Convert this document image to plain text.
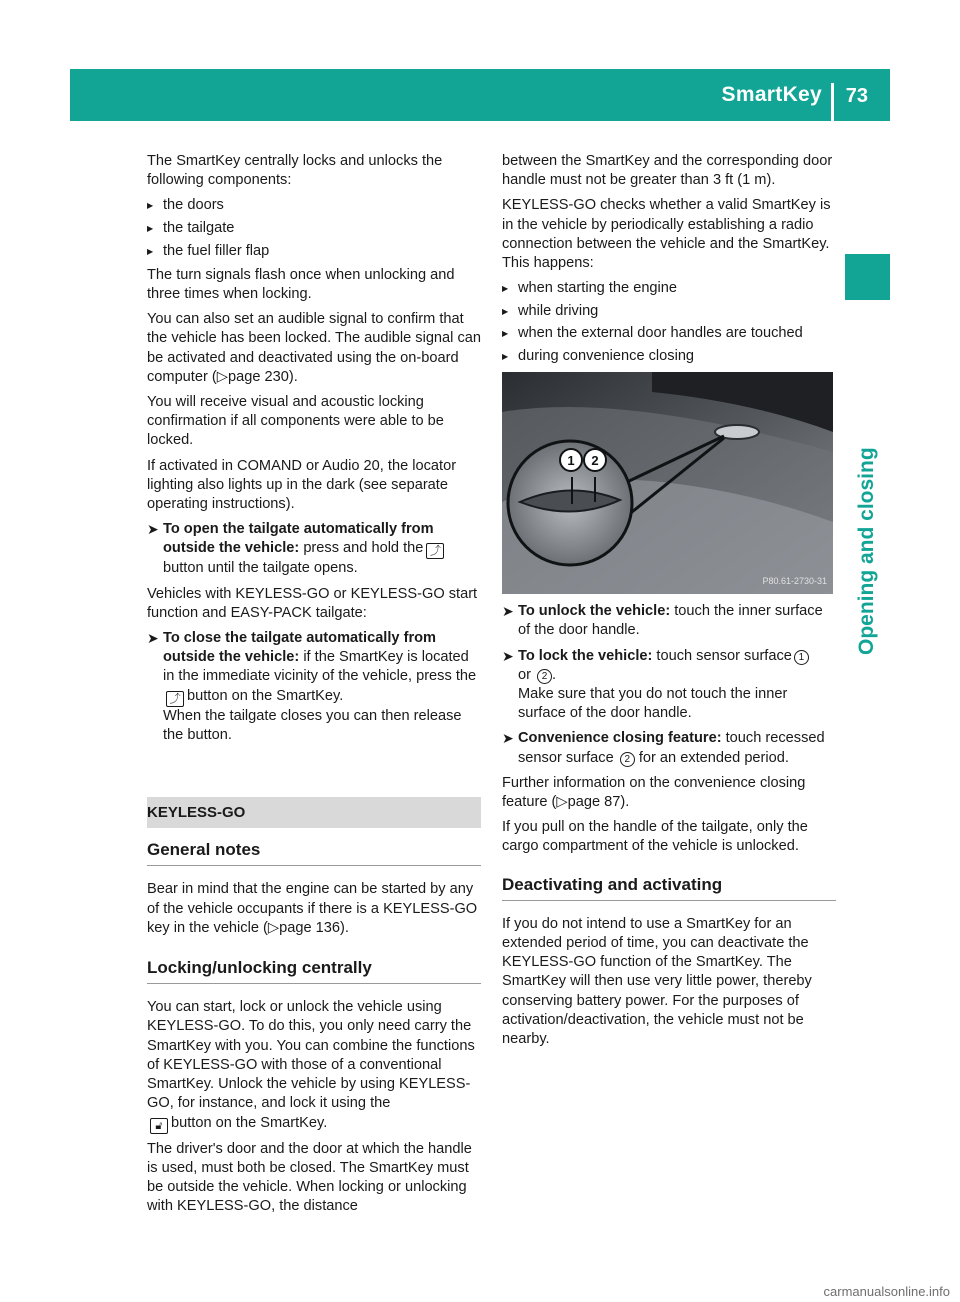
SmartKey 73
Opening and closing

The SmartKey centrally locks and unlocks the following components:

▶ the doors
▶ the tailgate
▶ the fuel filler flap

The turn signals flash once when unlocking and three times when locking.

You can also set an audible signal to confirm that the vehicle has been locked. The audible signal can be activated and deactivated using the on-board computer (▷page 230).

You will receive visual and acoustic locking confirmation if all components were able to be locked.

If activated in COMAND or Audio 20, the locator lighting also lights up in the dark (see separate operating instructions).

➤ To open the tailgate automatically from outside the vehicle: press and hold the ⤴button until the tailgate opens.

Vehicles with KEYLESS-GO or KEYLESS-GO start function and EASY-PACK tailgate:

➤ To close the tailgate automatically from outside the vehicle: if the SmartKey is located in the immediate vicinity of the vehicle, press the⤴ button on the SmartKey.
When the tailgate closes you can then release the button.
KEYLESS-GO
General notes

Bear in mind that the engine can be started by any of the vehicle occupants if there is a KEYLESS-GO key in the vehicle (▷page 136).

Locking/unlocking centrally

You can start, lock or unlock the vehicle using KEYLESS-GO. To do this, you only need carry the SmartKey with you. You can combine the functions of KEYLESS-GO with those of a conventional SmartKey. Unlock the vehicle by using KEYLESS-GO, for instance, and lock it using the
🔓︎ button on the SmartKey.

The driver's door and the door at which the handle is used, must both be closed. The SmartKey must be outside the vehicle. When locking or unlocking with KEYLESS-GO, the distance

between the SmartKey and the corresponding door handle must not be greater than 3 ft (1 m).

KEYLESS-GO checks whether a valid SmartKey is in the vehicle by periodically establishing a radio connection between the vehicle and the SmartKey. This happens:

▶ when starting the engine
▶ while driving
▶ when the external door handles are touched
▶ during convenience closing
1 2
P80.61-2730-31
➤ To unlock the vehicle: touch the inner surface of the door handle.
➤ To lock the vehicle: touch sensor surface 1
or 2 .
Make sure that you do not touch the inner surface of the door handle.
➤ Convenience closing feature: touch recessed sensor surface 2 for an extended period.

Further information on the convenience closing feature (▷page 87).

If you pull on the handle of the tailgate, only the cargo compartment of the vehicle is unlocked.

Deactivating and activating

If you do not intend to use a SmartKey for an extended period of time, you can deactivate the KEYLESS-GO function of the SmartKey. The SmartKey will then use very little power, thereby conserving battery power. For the purposes of activation/deactivation, the vehicle must not be nearby.

carmanualsonline.info
